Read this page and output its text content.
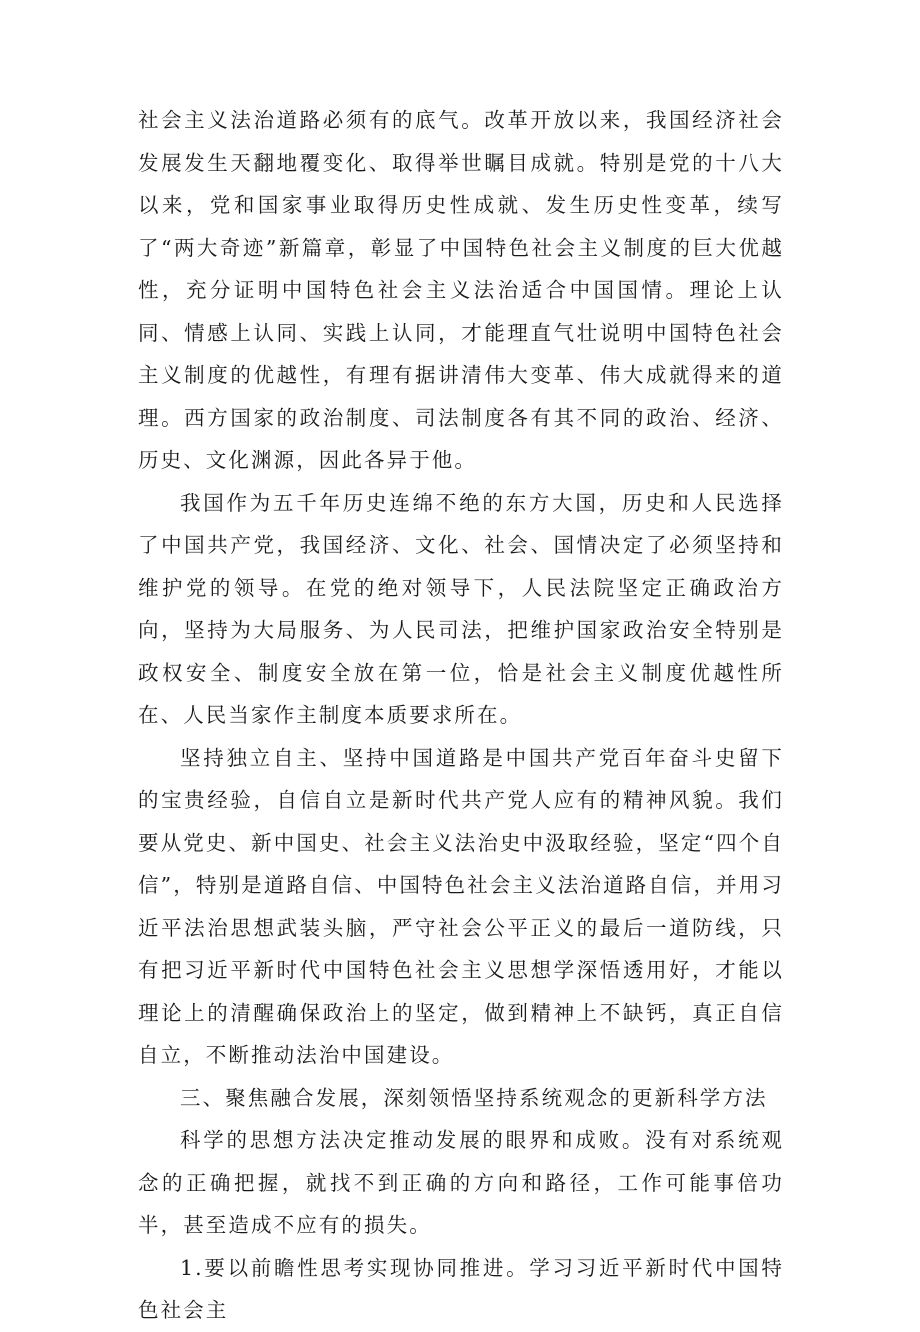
社会主义法治道路必须有的底气。改革开放以来，我国经济社会发展发生天翻地覆变化、取得举世瞩目成就。特别是党的十八大以来，党和国家事业取得历史性成就、发生历史性变革，续写了“两大奇迹”新篇章，彰显了中国特色社会主义制度的巨大优越性，充分证明中国特色社会主义法治适合中国国情。理论上认同、情感上认同、实践上认同，才能理直气壮说明中国特色社会主义制度的优越性，有理有据讲清伟大变革、伟大成就得来的道理。西方国家的政治制度、司法制度各有其不同的政治、经济、历史、文化渊源，因此各异于他。

我国作为五千年历史连绵不绝的东方大国，历史和人民选择了中国共产党，我国经济、文化、社会、国情决定了必须坚持和维护党的领导。在党的绝对领导下，人民法院坚定正确政治方向，坚持为大局服务、为人民司法，把维护国家政治安全特别是政权安全、制度安全放在第一位，恰是社会主义制度优越性所在、人民当家作主制度本质要求所在。

坚持独立自主、坚持中国道路是中国共产党百年奋斗史留下的宝贵经验，自信自立是新时代共产党人应有的精神风貌。我们要从党史、新中国史、社会主义法治史中汲取经验，坚定“四个自信”，特别是道路自信、中国特色社会主义法治道路自信，并用习近平法治思想武装头脑，严守社会公平正义的最后一道防线，只有把习近平新时代中国特色社会主义思想学深悟透用好，才能以理论上的清醒确保政治上的坚定，做到精神上不缺钙，真正自信自立，不断推动法治中国建设。

三、聚焦融合发展，深刻领悟坚持系统观念的更新科学方法

科学的思想方法决定推动发展的眼界和成败。没有对系统观念的正确把握，就找不到正确的方向和路径，工作可能事倍功半，甚至造成不应有的损失。

1.要以前瞻性思考实现协同推进。学习习近平新时代中国特色社会主
